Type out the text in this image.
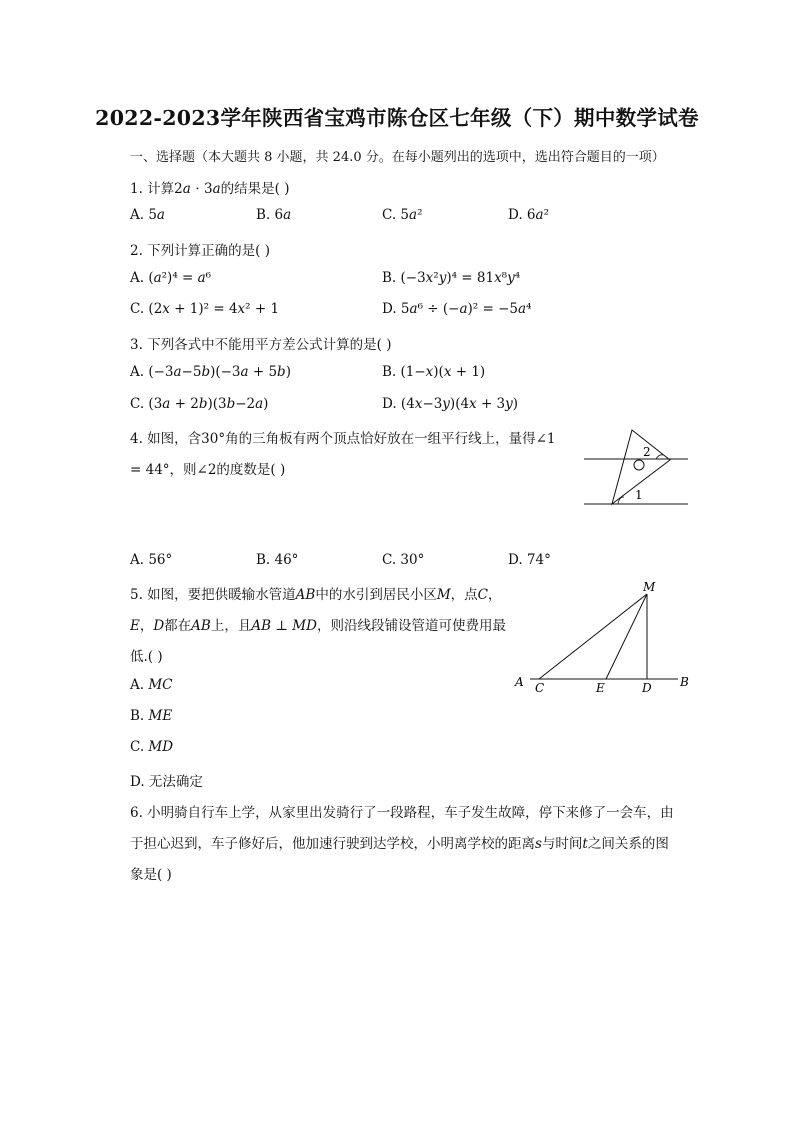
2022-2023学年陕西省宝鸡市陈仓区七年级（下）期中数学试卷
一、选择题（本大题共 8 小题，共 24.0 分。在每小题列出的选项中，选出符合题目的一项）
1. 计算2𝑎 ⋅ 3𝑎的结果是( )
A. 5𝑎	B. 6𝑎	C. 5𝑎²	D. 6𝑎²
2. 下列计算正确的是( )
A. (𝑎²)⁴ = 𝑎⁶	B. (−3𝑥²𝑦)⁴ = 81𝑥⁸𝑦⁴
C. (2𝑥 + 1)² = 4𝑥² + 1	D. 5𝑎⁶ ÷ (−𝑎)² = −5𝑎⁴
3. 下列各式中不能用平方差公式计算的是( )
A. (−3𝑎−5𝑏)(−3𝑎 + 5𝑏)	B. (1−𝑥)(𝑥 + 1)
C. (3𝑎 + 2𝑏)(3𝑏−2𝑎)	D. (4𝑥−3𝑦)(4𝑥 + 3𝑦)
4. 如图，含30°角的三角板有两个顶点恰好放在一组平行线上，量得∠1
= 44°，则∠2的度数是( )
2
1
A. 56°	B. 46°	C. 30°	D. 74°
5. 如图，要把供暖输水管道𝐴𝐵中的水引到居民小区𝑀，点𝐶，
𝐸，𝐷都在𝐴𝐵上，且𝐴𝐵 ⊥ 𝑀𝐷，则沿线段铺设管道可使费用最
低.( )
𝑀
𝐴 𝐶	𝐸	𝐷 𝐵
A. 𝑀𝐶
B. 𝑀𝐸
C. 𝑀𝐷
D. 无法确定
6. 小明骑自行车上学，从家里出发骑行了一段路程，车子发生故障，停下来修了一会车，由
于担心迟到，车子修好后，他加速行驶到达学校，小明离学校的距离𝑠与时间𝑡之间关系的图
象是( )
